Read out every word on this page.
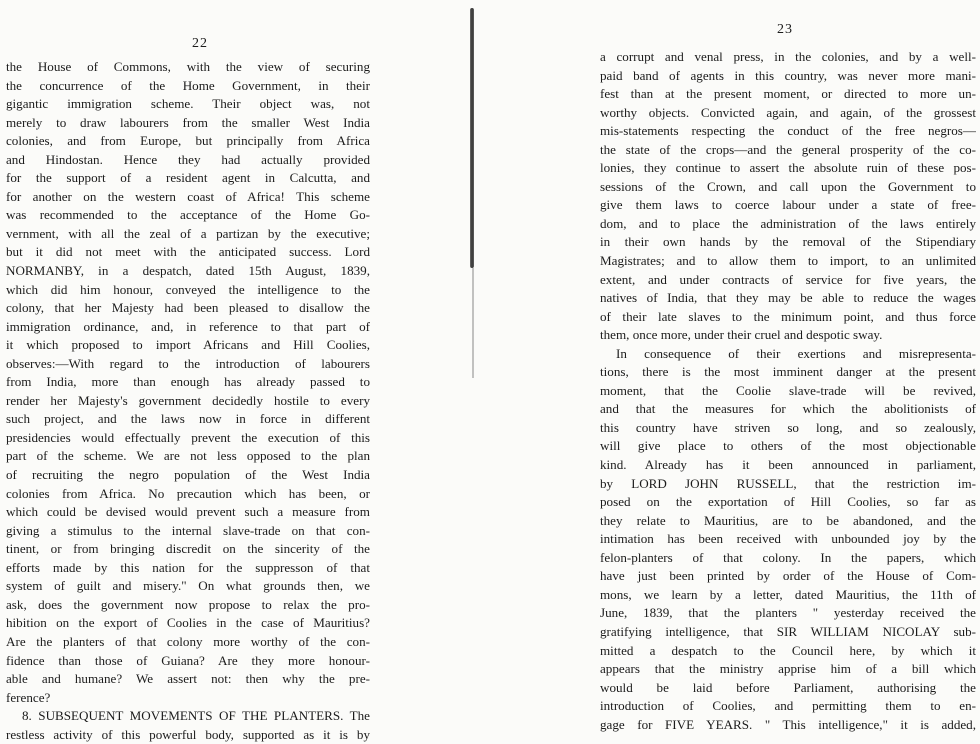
22
the House of Commons, with the view of securing
the concurrence of the Home Government, in their
gigantic immigration scheme. Their object was, not
merely to draw labourers from the smaller West India
colonies, and from Europe, but principally from Africa
and Hindostan. Hence they had actually provided
for the support of a resident agent in Calcutta, and
for another on the western coast of Africa! This scheme
was recommended to the acceptance of the Home Go-
vernment, with all the zeal of a partizan by the executive;
but it did not meet with the anticipated success. Lord
NORMANBY, in a despatch, dated 15th August, 1839,
which did him honour, conveyed the intelligence to the
colony, that her Majesty had been pleased to disallow the
immigration ordinance, and, in reference to that part of
it which proposed to import Africans and Hill Coolies,
observes:—With regard to the introduction of labourers
from India, more than enough has already passed to
render her Majesty's government decidedly hostile to every
such project, and the laws now in force in different
presidencies would effectually prevent the execution of this
part of the scheme. We are not less opposed to the plan
of recruiting the negro population of the West India
colonies from Africa. No precaution which has been, or
which could be devised would prevent such a measure from
giving a stimulus to the internal slave-trade on that con-
tinent, or from bringing discredit on the sincerity of the
efforts made by this nation for the suppresson of that
system of guilt and misery." On what grounds then, we
ask, does the government now propose to relax the pro-
hibition on the export of Coolies in the case of Mauritius?
Are the planters of that colony more worthy of the con-
fidence than those of Guiana? Are they more honour-
able and humane? We assert not: then why the pre-
ference?
8. SUBSEQUENT MOVEMENTS OF THE PLANTERS. The
restless activity of this powerful body, supported as it is by
23
a corrupt and venal press, in the colonies, and by a well-
paid band of agents in this country, was never more mani-
fest than at the present moment, or directed to more un-
worthy objects. Convicted again, and again, of the grossest
mis-statements respecting the conduct of the free negros—
the state of the crops—and the general prosperity of the co-
lonies, they continue to assert the absolute ruin of these pos-
sessions of the Crown, and call upon the Government to
give them laws to coerce labour under a state of free-
dom, and to place the administration of the laws entirely
in their own hands by the removal of the Stipendiary
Magistrates; and to allow them to import, to an unlimited
extent, and under contracts of service for five years, the
natives of India, that they may be able to reduce the wages
of their late slaves to the minimum point, and thus force
them, once more, under their cruel and despotic sway.
In consequence of their exertions and misrepresenta-
tions, there is the most imminent danger at the present
moment, that the Coolie slave-trade will be revived,
and that the measures for which the abolitionists of
this country have striven so long, and so zealously,
will give place to others of the most objectionable
kind. Already has it been announced in parliament,
by LORD JOHN RUSSELL, that the restriction im-
posed on the exportation of Hill Coolies, so far as
they relate to Mauritius, are to be abandoned, and the
intimation has been received with unbounded joy by the
felon-planters of that colony. In the papers, which
have just been printed by order of the House of Com-
mons, we learn by a letter, dated Mauritius, the 11th of
June, 1839, that the planters " yesterday received the
gratifying intelligence, that SIR WILLIAM NICOLAY sub-
mitted a despatch to the Council here, by which it
appears that the ministry apprise him of a bill which
would be laid before Parliament, authorising the
introduction of Coolies, and permitting them to en-
gage for FIVE YEARS. " This intelligence," it is added,
